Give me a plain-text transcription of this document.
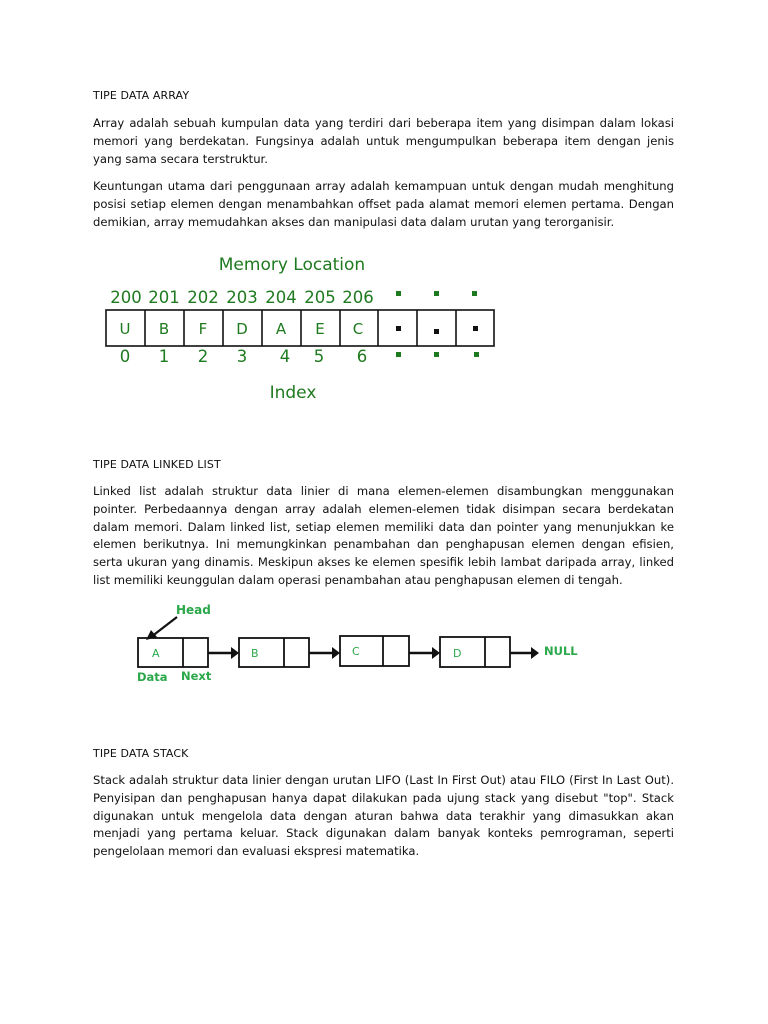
TIPE DATA ARRAY

Array adalah sebuah kumpulan data yang terdiri dari beberapa item yang disimpan dalam lokasi memori yang berdekatan. Fungsinya adalah untuk mengumpulkan beberapa item dengan jenis yang sama secara terstruktur.

Keuntungan utama dari penggunaan array adalah kemampuan untuk dengan mudah menghitung posisi setiap elemen dengan menambahkan offset pada alamat memori elemen pertama. Dengan demikian, array memudahkan akses dan manipulasi data dalam urutan yang terorganisir.

Memory Location
200 201 202 203 204 205 206
U B F D A E C
0 1 2 3 4 5 6
Index
TIPE DATA LINKED LIST

Linked list adalah struktur data linier di mana elemen-elemen disambungkan menggunakan pointer. Perbedaannya dengan array adalah elemen-elemen tidak disimpan secara berdekatan dalam memori. Dalam linked list, setiap elemen memiliki data dan pointer yang menunjukkan ke elemen berikutnya. Ini memungkinkan penambahan dan penghapusan elemen dengan efisien, serta ukuran yang dinamis. Meskipun akses ke elemen spesifik lebih lambat daripada array, linked list memiliki keunggulan dalam operasi penambahan atau penghapusan elemen di tengah.

Head
A	B	C	D	NULL
Data Next
TIPE DATA STACK

Stack adalah struktur data linier dengan urutan LIFO (Last In First Out) atau FILO (First In Last Out). Penyisipan dan penghapusan hanya dapat dilakukan pada ujung stack yang disebut "top". Stack digunakan untuk mengelola data dengan aturan bahwa data terakhir yang dimasukkan akan menjadi yang pertama keluar. Stack digunakan dalam banyak konteks pemrograman, seperti pengelolaan memori dan evaluasi ekspresi matematika.
